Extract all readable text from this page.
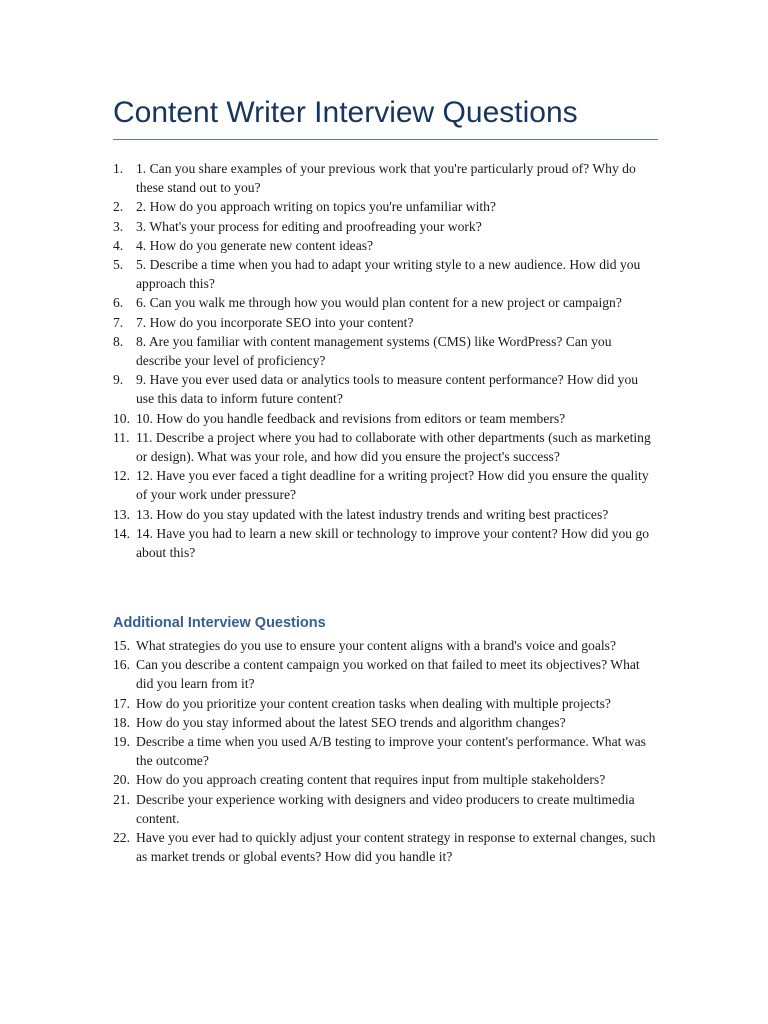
Content Writer Interview Questions
1. 1. Can you share examples of your previous work that you're particularly proud of? Why do these stand out to you?
2. 2. How do you approach writing on topics you're unfamiliar with?
3. 3. What's your process for editing and proofreading your work?
4. 4. How do you generate new content ideas?
5. 5. Describe a time when you had to adapt your writing style to a new audience. How did you approach this?
6. 6. Can you walk me through how you would plan content for a new project or campaign?
7. 7. How do you incorporate SEO into your content?
8. 8. Are you familiar with content management systems (CMS) like WordPress? Can you describe your level of proficiency?
9. 9. Have you ever used data or analytics tools to measure content performance? How did you use this data to inform future content?
10. 10. How do you handle feedback and revisions from editors or team members?
11. 11. Describe a project where you had to collaborate with other departments (such as marketing or design). What was your role, and how did you ensure the project's success?
12. 12. Have you ever faced a tight deadline for a writing project? How did you ensure the quality of your work under pressure?
13. 13. How do you stay updated with the latest industry trends and writing best practices?
14. 14. Have you had to learn a new skill or technology to improve your content? How did you go about this?
Additional Interview Questions
15. What strategies do you use to ensure your content aligns with a brand's voice and goals?
16. Can you describe a content campaign you worked on that failed to meet its objectives? What did you learn from it?
17. How do you prioritize your content creation tasks when dealing with multiple projects?
18. How do you stay informed about the latest SEO trends and algorithm changes?
19. Describe a time when you used A/B testing to improve your content's performance. What was the outcome?
20. How do you approach creating content that requires input from multiple stakeholders?
21. Describe your experience working with designers and video producers to create multimedia content.
22. Have you ever had to quickly adjust your content strategy in response to external changes, such as market trends or global events? How did you handle it?
